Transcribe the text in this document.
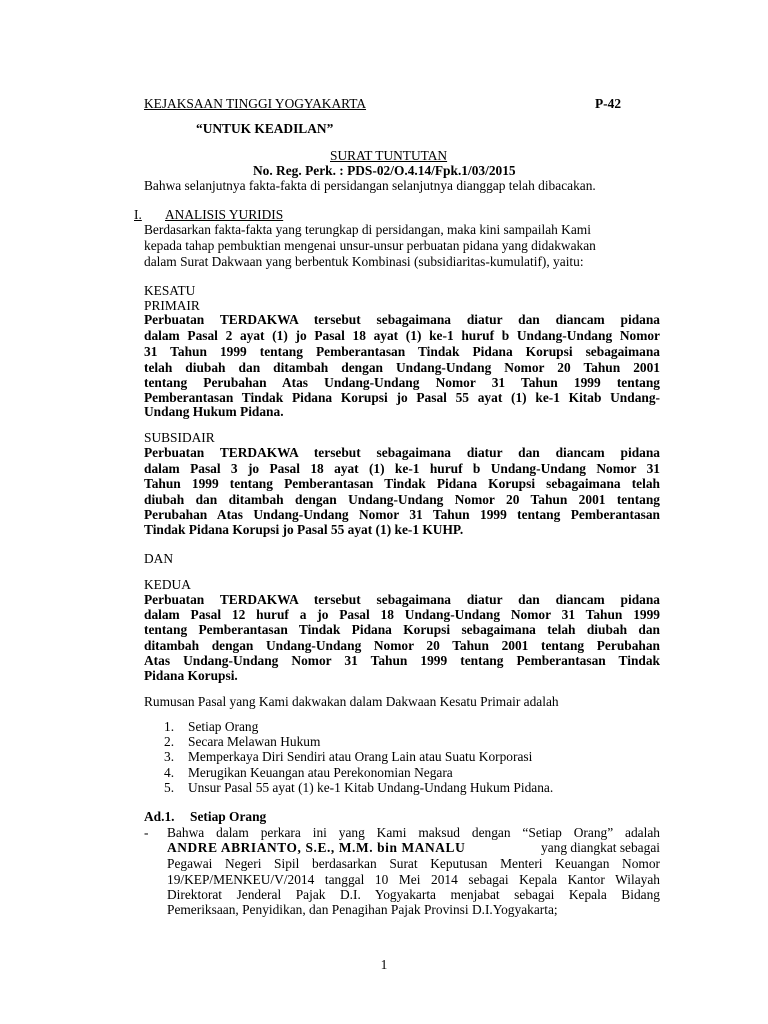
KEJAKSAAN TINGGI YOGYAKARTA	P-42
“UNTUK KEADILAN”
SURAT TUNTUTAN
No. Reg. Perk. : PDS-02/O.4.14/Fpk.1/03/2015
Bahwa selanjutnya fakta-fakta di persidangan selanjutnya dianggap telah dibacakan.
I. ANALISIS YURIDIS
Berdasarkan fakta-fakta yang terungkap di persidangan, maka kini sampailah Kami
kepada tahap pembuktian mengenai unsur-unsur perbuatan pidana yang didakwakan
dalam Surat Dakwaan yang berbentuk Kombinasi (subsidiaritas-kumulatif), yaitu:
KESATU
PRIMAIR
Perbuatan TERDAKWA tersebut sebagaimana diatur dan diancam pidana
dalam Pasal 2 ayat (1) jo Pasal 18 ayat (1) ke-1 huruf b Undang-Undang Nomor
31 Tahun 1999 tentang Pemberantasan Tindak Pidana Korupsi sebagaimana
telah diubah dan ditambah dengan Undang-Undang Nomor 20 Tahun 2001
tentang Perubahan Atas Undang-Undang Nomor 31 Tahun 1999 tentang
Pemberantasan Tindak Pidana Korupsi jo Pasal 55 ayat (1) ke-1 Kitab Undang-
Undang Hukum Pidana.
SUBSIDAIR
Perbuatan TERDAKWA tersebut sebagaimana diatur dan diancam pidana
dalam Pasal 3 jo Pasal 18 ayat (1) ke-1 huruf b Undang-Undang Nomor 31
Tahun 1999 tentang Pemberantasan Tindak Pidana Korupsi sebagaimana telah
diubah dan ditambah dengan Undang-Undang Nomor 20 Tahun 2001 tentang
Perubahan Atas Undang-Undang Nomor 31 Tahun 1999 tentang Pemberantasan
Tindak Pidana Korupsi jo Pasal 55 ayat (1) ke-1 KUHP.
DAN
KEDUA
Perbuatan TERDAKWA tersebut sebagaimana diatur dan diancam pidana
dalam Pasal 12 huruf a jo Pasal 18 Undang-Undang Nomor 31 Tahun 1999
tentang Pemberantasan Tindak Pidana Korupsi sebagaimana telah diubah dan
ditambah dengan Undang-Undang Nomor 20 Tahun 2001 tentang Perubahan
Atas Undang-Undang Nomor 31 Tahun 1999 tentang Pemberantasan Tindak
Pidana Korupsi.
Rumusan Pasal yang Kami dakwakan dalam Dakwaan Kesatu Primair adalah
1. Setiap Orang
2. Secara Melawan Hukum
3. Memperkaya Diri Sendiri atau Orang Lain atau Suatu Korporasi
4. Merugikan Keuangan atau Perekonomian Negara
5. Unsur Pasal 55 ayat (1) ke-1 Kitab Undang-Undang Hukum Pidana.
Ad.1. Setiap Orang
- Bahwa dalam perkara ini yang Kami maksud dengan “Setiap Orang” adalah
ANDRE ABRIANTO, S.E., M.M. bin MANALU	yang diangkat sebagai
Pegawai Negeri Sipil berdasarkan Surat Keputusan Menteri Keuangan Nomor
19/KEP/MENKEU/V/2014 tanggal 10 Mei 2014 sebagai Kepala Kantor Wilayah
Direktorat Jenderal Pajak D.I. Yogyakarta menjabat sebagai Kepala Bidang
Pemeriksaan, Penyidikan, dan Penagihan Pajak Provinsi D.I.Yogyakarta;
1
